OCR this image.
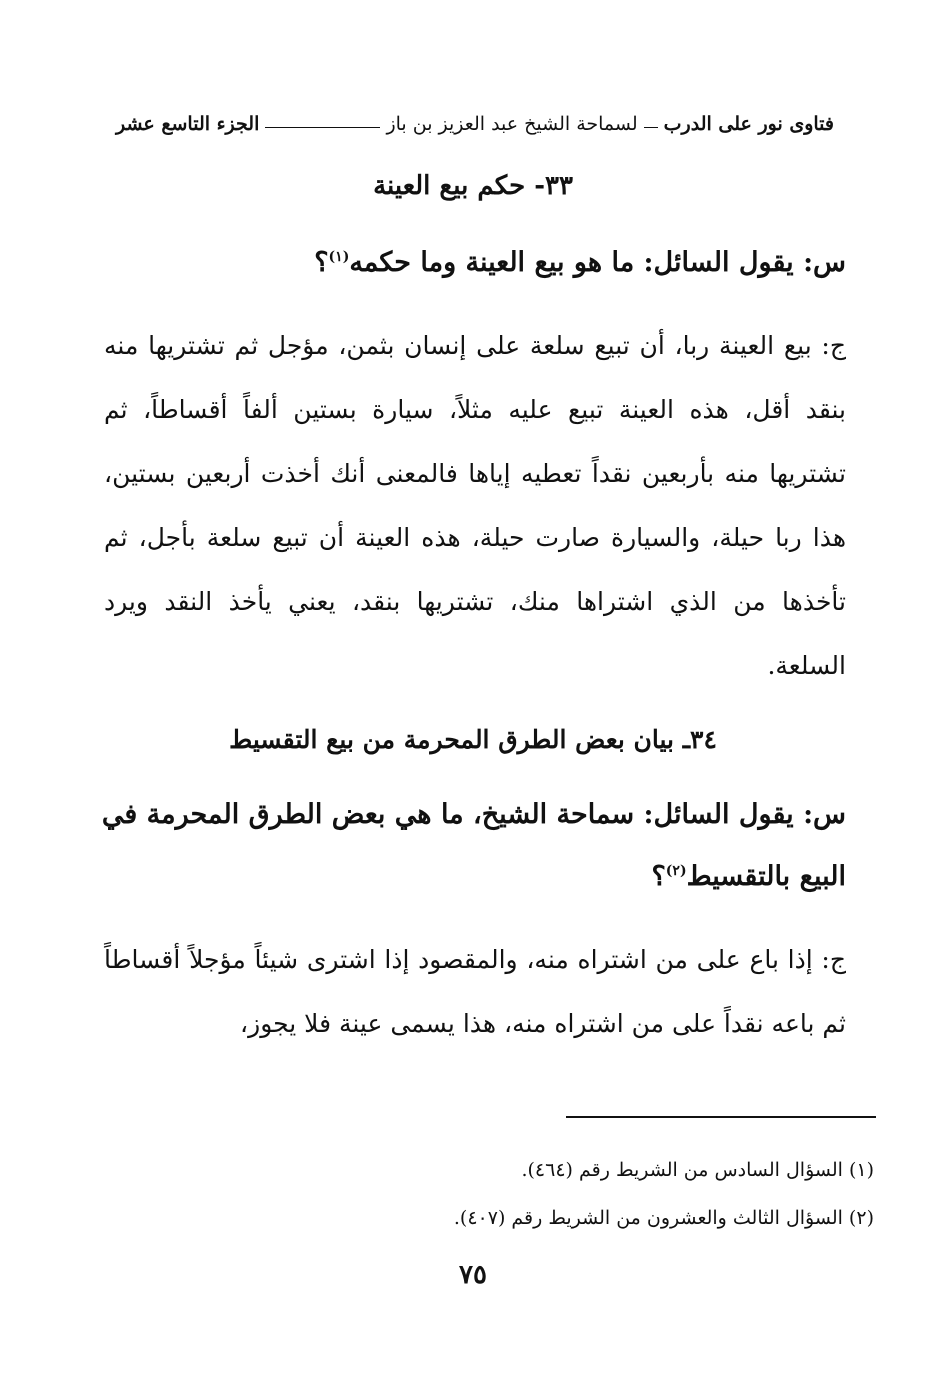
فتاوى نور على الدرب
لسماحة الشيخ عبد العزيز بن باز
الجزء التاسع عشر
٣٣- حكم بيع العينة
س: يقول السائل: ما هو بيع العينة وما حكمه$^{(١)}$؟
ج: بيع العينة ربا، أن تبيع سلعة على إنسان بثمن، مؤجل ثم تشتريها منه بنقد أقل، هذه العينة تبيع عليه مثلاً، سيارة بستين ألفاً أقساطاً، ثم تشتريها منه بأربعين نقداً تعطيه إياها فالمعنى أنك أخذت أربعين بستين، هذا ربا حيلة، والسيارة صارت حيلة، هذه العينة أن تبيع سلعة بأجل، ثم تأخذها من الذي اشتراها منك، تشتريها بنقد، يعني يأخذ النقد ويرد السلعة.
٣٤ـ بيان بعض الطرق المحرمة من بيع التقسيط
س: يقول السائل: سماحة الشيخ، ما هي بعض الطرق المحرمة في
البيع بالتقسيط$^{(٢)}$؟
ج: إذا باع على من اشتراه منه، والمقصود إذا اشترى شيئاً مؤجلاً أقساطاً ثم باعه نقداً على من اشتراه منه، هذا يسمى عينة فلا يجوز،
(١) السؤال السادس من الشريط رقم (٤٦٤).
(٢) السؤال الثالث والعشرون من الشريط رقم (٤٠٧).
٧٥
